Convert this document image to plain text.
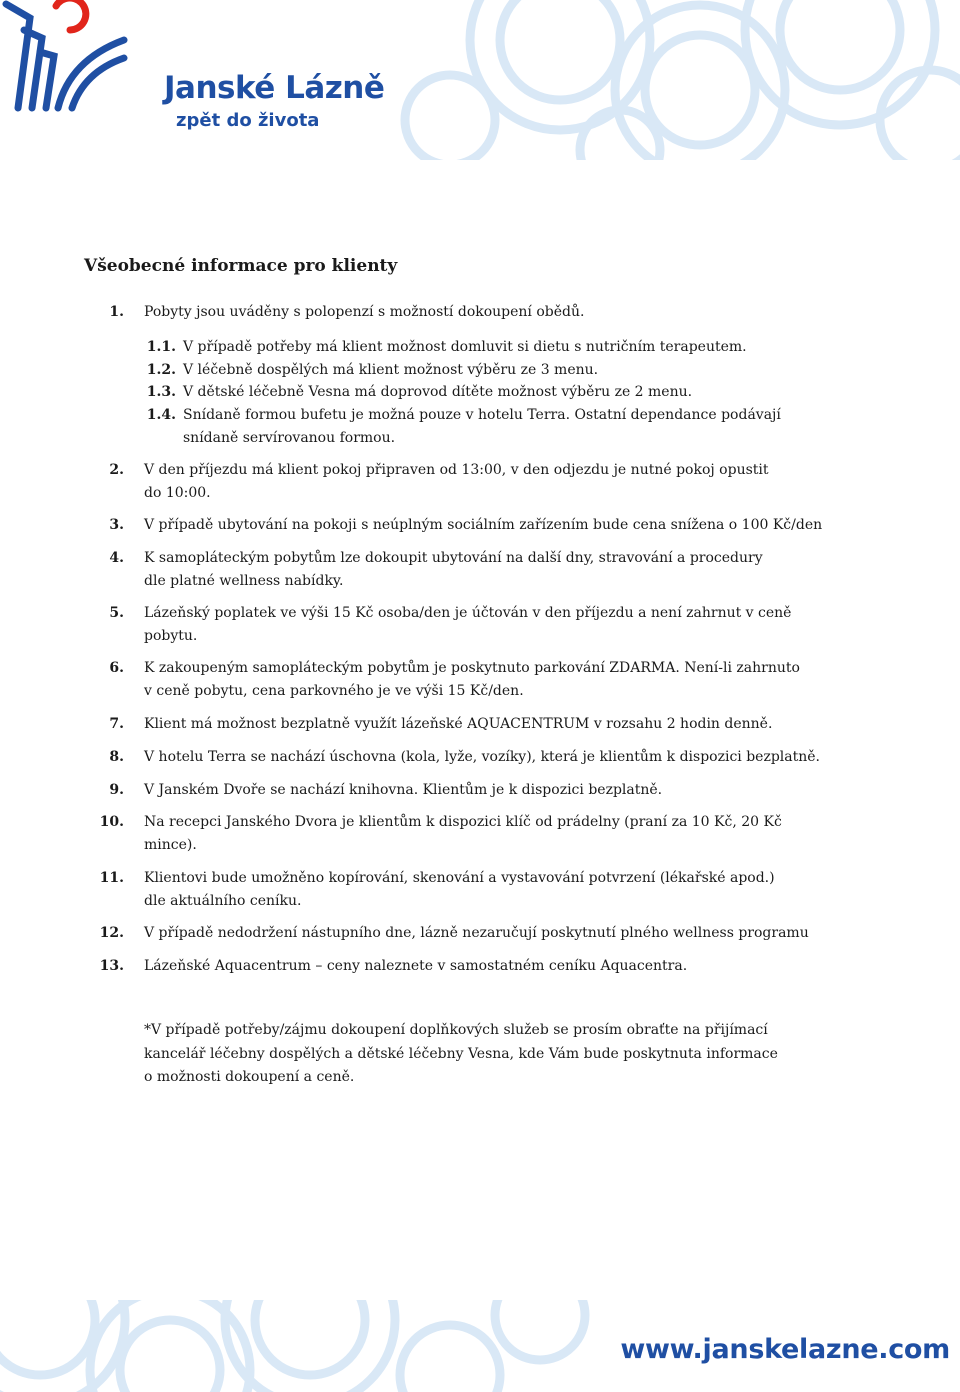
Janské Lázně
zpět do života
Všeobecné informace pro klienty
1. Pobyty jsou uváděny s polopenzí s možností dokoupení obědů.
1.1. V případě potřeby má klient možnost domluvit si dietu s nutričním terapeutem.
1.2. V léčebně dospělých má klient možnost výběru ze 3 menu.
1.3. V dětské léčebně Vesna má doprovod dítěte možnost výběru ze 2 menu.
1.4. Snídaně formou bufetu je možná pouze v hotelu Terra. Ostatní dependance podávají
snídaně servírovanou formou.
2. V den příjezdu má klient pokoj připraven od 13:00, v den odjezdu je nutné pokoj opustit
do 10:00.
3. V případě ubytování na pokoji s neúplným sociálním zařízením bude cena snížena o 100 Kč/den
4. K samopláteckým pobytům lze dokoupit ubytování na další dny, stravování a procedury
dle platné wellness nabídky.
5. Lázeňský poplatek ve výši 15 Kč osoba/den je účtován v den příjezdu a není zahrnut v ceně
pobytu.
6. K zakoupeným samopláteckým pobytům je poskytnuto parkování ZDARMA. Není-li zahrnuto
v ceně pobytu, cena parkovného je ve výši 15 Kč/den.
7. Klient má možnost bezplatně využít lázeňské AQUACENTRUM v rozsahu 2 hodin denně.
8. V hotelu Terra se nachází úschovna (kola, lyže, vozíky), která je klientům k dispozici bezplatně.
9. V Janském Dvoře se nachází knihovna. Klientům je k dispozici bezplatně.
10. Na recepci Janského Dvora je klientům k dispozici klíč od prádelny (praní za 10 Kč, 20 Kč
mince).
11. Klientovi bude umožněno kopírování, skenování a vystavování potvrzení (lékařské apod.)
dle aktuálního ceníku.
12. V případě nedodržení nástupního dne, lázně nezaručují poskytnutí plného wellness programu
13. Lázeňské Aquacentrum – ceny naleznete v samostatném ceníku Aquacentra.
*V případě potřeby/zájmu dokoupení doplňkových služeb se prosím obraťte na přijímací
kancelář léčebny dospělých a dětské léčebny Vesna, kde Vám bude poskytnuta informace
o možnosti dokoupení a ceně.
www.janskelazne.com
